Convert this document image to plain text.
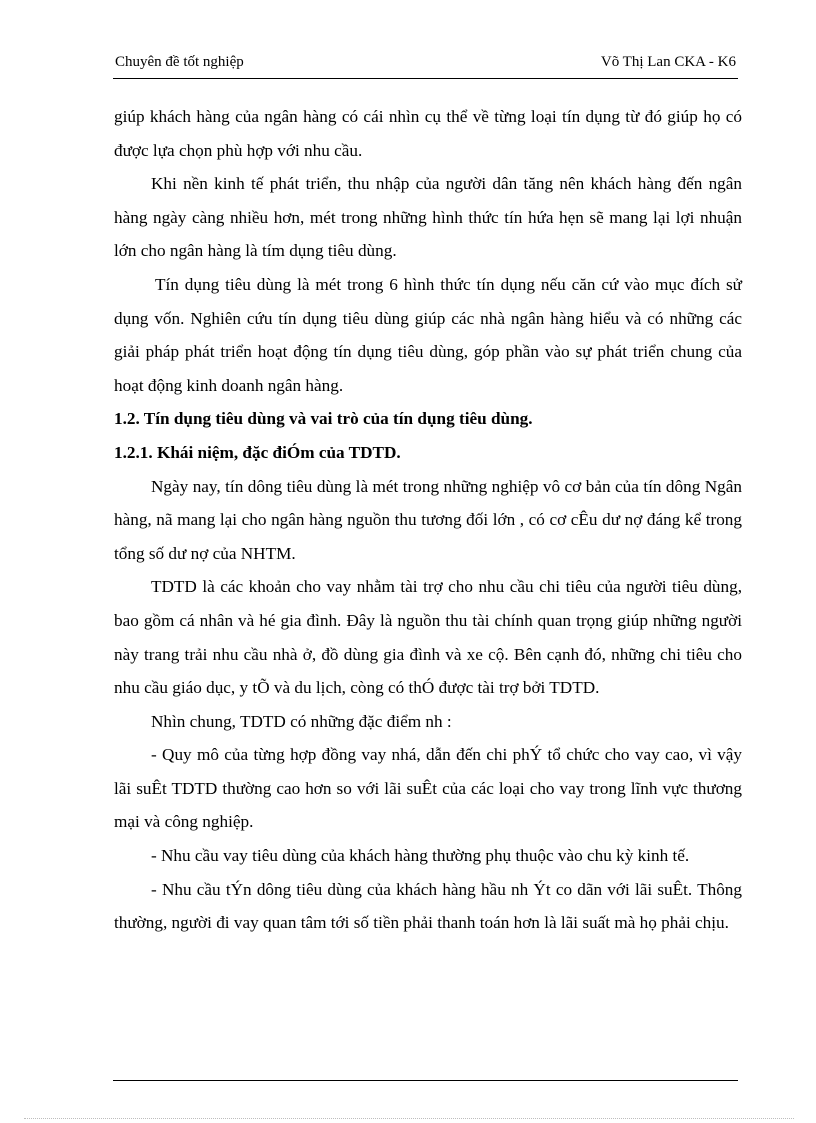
Chuyên đề tốt nghiệp	Võ Thị Lan CKA - K6

giúp khách hàng của ngân hàng có cái nhìn cụ thể về từng loại tín dụng từ đó giúp họ có được lựa chọn phù hợp với nhu cầu.

Khi nền kinh tế phát triển, thu nhập của người dân tăng nên khách hàng đến ngân hàng ngày càng nhiều hơn, mét trong những hình thức tín hứa hẹn sẽ mang lại lợi nhuận lớn cho ngân hàng là tím dụng tiêu dùng.

Tín dụng tiêu dùng là mét trong 6 hình thức tín dụng nếu căn cứ vào mục đích sử dụng vốn. Nghiên cứu tín dụng tiêu dùng giúp các nhà ngân hàng hiểu và có những các giải pháp phát triển hoạt động tín dụng tiêu dùng, góp phần vào sự phát triển chung của hoạt động kinh doanh ngân hàng.

1.2. Tín dụng tiêu dùng và vai trò của tín dụng tiêu dùng.

1.2.1. Khái niệm, đặc điÓm của TDTD.

Ngày nay, tín dông tiêu dùng là mét trong những nghiệp vô cơ bản của tín dông Ngân hàng, nã mang lại cho ngân hàng nguồn thu tương đối lớn , có cơ cÊu dư nợ đáng kể trong tổng số dư nợ của NHTM.

TDTD là các khoản cho vay nhằm tài trợ cho nhu cầu chi tiêu của người tiêu dùng, bao gồm cá nhân và hé gia đình. Đây là nguồn thu tài chính quan trọng giúp những người này trang trải nhu cầu nhà ở, đồ dùng gia đình và xe cộ. Bên cạnh đó, những chi tiêu cho nhu cầu giáo dục, y tÕ và du lịch, còng có thÓ được tài trợ bởi TDTD.

Nhìn chung, TDTD có những đặc điểm nh :

- Quy mô của từng hợp đồng vay nhá, dẫn đến chi phÝ tổ chức cho vay cao, vì vậy lãi suÊt TDTD thường cao hơn so với lãi suÊt của các loại cho vay trong lĩnh vực thương mại và công nghiệp.

- Nhu cầu vay tiêu dùng của khách hàng thường phụ thuộc vào chu kỳ kinh tế.

- Nhu cầu tÝn dông tiêu dùng của khách hàng hầu nh Ýt co dãn với lãi suÊt. Thông thường, người đi vay quan tâm tới số tiền phải thanh toán hơn là lãi suất mà họ phải chịu.
